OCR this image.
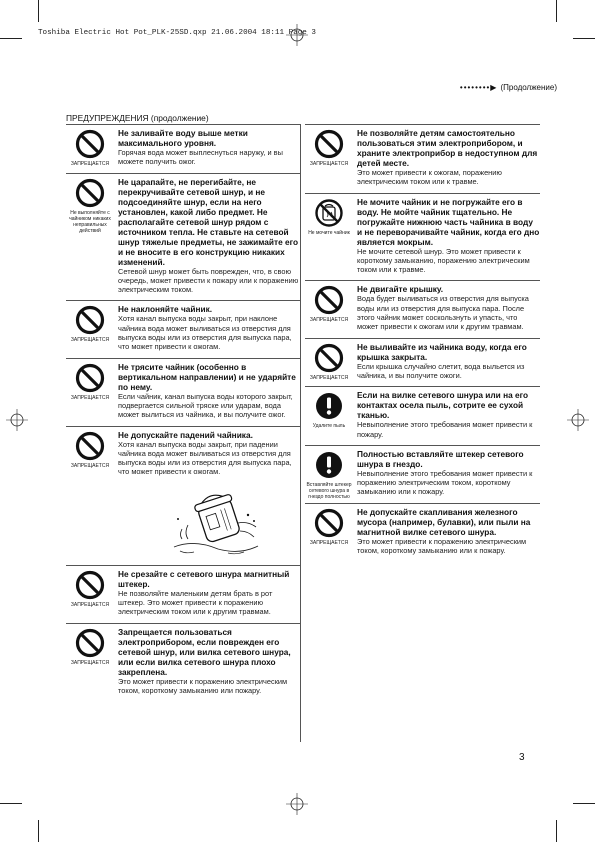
Toshiba Electric Hot Pot_PLK-25SD.qxp 21.06.2004 18:11 Page 3
••••••••▶ (Продолжение)
ПРЕДУПРЕЖДЕНИЯ (продолжение)
ЗАПРЕЩАЕТСЯ
Не заливайте воду выше метки максимального уровня.
Горячая вода может выплеснуться наружу, и вы можете получить ожог.
Не выполняйте с чайником никаких неправильных действий
Не царапайте, не перегибайте, не перекручивайте сетевой шнур, и не подсоединяйте шнур, если на него установлен, какой либо предмет. Не располагайте сетевой шнур рядом с источником тепла. Не ставьте на сетевой шнур тяжелые предметы, не зажимайте его и не вносите в его конструкцию никаких изменений.
Сетевой шнур может быть поврежден, что, в свою очередь, может привести к пожару или к поражению электрическим током.
ЗАПРЕЩАЕТСЯ
Не наклоняйте чайник.
Хотя канал выпуска воды закрыт, при наклоне чайника вода может выливаться из отверстия для выпуска воды или из отверстия для выпуска пара, что может привести к ожогам.
ЗАПРЕЩАЕТСЯ
Не трясите чайник (особенно в вертикальном направлении) и не ударяйте по нему.
Если чайник, канал выпуска воды которого закрыт, подвергается сильной тряске или ударам, вода может вылиться из чайника, и вы получите ожог.
ЗАПРЕЩАЕТСЯ
Не допускайте падений чайника.
Хотя канал выпуска воды закрыт, при падении чайника вода может выливаться из отверстия для выпуска воды или из отверстия для выпуска пара, что может привести к ожогам.
ЗАПРЕЩАЕТСЯ
Не срезайте с сетевого шнура магнитный штекер.
Не позволяйте маленьким детям брать в рот штекер. Это может привести к поражению электрическим током или к другим травмам.
ЗАПРЕЩАЕТСЯ
Запрещается пользоваться электроприбором, если поврежден его сетевой шнур, или вилка сетевого шнура, или если вилка сетевого шнура плохо закреплена.
Это может привести к поражению электрическим током, короткому замыканию или пожару.
ЗАПРЕЩАЕТСЯ
Не позволяйте детям самостоятельно пользоваться этим электроприбором, и храните электроприбор в недоступном для детей месте.
Это может привести к ожогам, поражению электрическим током или к травме.
Не мочите чайник
Не мочите чайник и не погружайте его в воду. Не мойте чайник тщательно. Не погружайте нижнюю часть чайника в воду и не переворачивайте чайник, когда его дно является мокрым.
Не мочите сетевой шнур. Это может привести к короткому замыканию, поражению электрическим током или к травме.
ЗАПРЕЩАЕТСЯ
Не двигайте крышку.
Вода будет выливаться из отверстия для выпуска воды или из отверстия для выпуска пара. После этого чайник может соскользнуть и упасть, что может привести к ожогам или к другим травмам.
ЗАПРЕЩАЕТСЯ
Не выливайте из чайника воду, когда его крышка закрыта.
Если крышка случайно слетит, вода выльется из чайника, и вы получите ожоги.
Удалите пыль
Если на вилке сетевого шнура или на его контактах осела пыль, сотрите ее сухой тканью.
Невыполнение этого требования может привести к пожару.
Вставляйте штекер сетевого шнура в гнездо полностью
Полностью вставляйте штекер сетевого шнура в гнездо.
Невыполнение этого требования может привести к поражению электрическим током, короткому замыканию или к пожару.
ЗАПРЕЩАЕТСЯ
Не допускайте скапливания железного мусора (например, булавки), или пыли на магнитной вилке сетевого шнура.
Это может привести к поражению электрическим током, короткому замыканию или к пожару.
3
